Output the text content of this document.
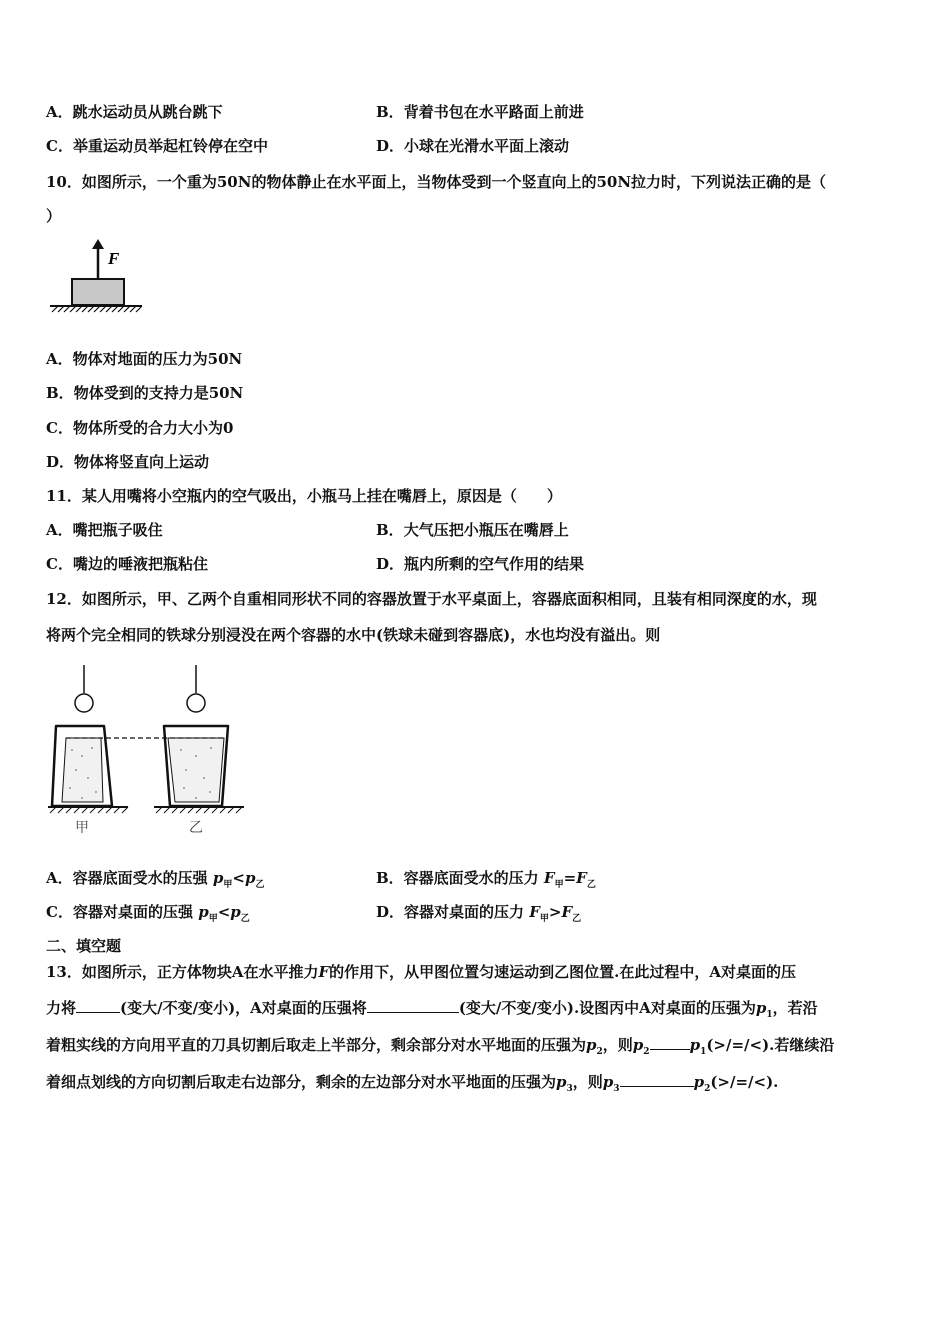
A．跳水运动员从跳台跳下	B．背着书包在水平路面上前进
C．举重运动员举起杠铃停在空中	D．小球在光滑水平面上滚动
10．如图所示，一个重为50N的物体静止在水平面上，当物体受到一个竖直向上的50N拉力时，下列说法正确的是（
）
F
A．物体对地面的压力为50N
B．物体受到的支持力是50N
C．物体所受的合力大小为0
D．物体将竖直向上运动
11．某人用嘴将小空瓶内的空气吸出，小瓶马上挂在嘴唇上，原因是（　　）
A．嘴把瓶子吸住	B．大气压把小瓶压在嘴唇上
C．嘴边的唾液把瓶粘住	D．瓶内所剩的空气作用的结果
12．如图所示，甲、乙两个自重相同形状不同的容器放置于水平桌面上，容器底面积相同，且装有相同深度的水，现
将两个完全相同的铁球分别浸没在两个容器的水中(铁球未碰到容器底)，水也均没有溢出。则
甲	乙
A．容器底面受水的压强 $p_甲<p_乙$	B．容器底面受水的压力 $F_甲=F_乙$
C．容器对桌面的压强 $p_甲<p_乙$	D．容器对桌面的压力 $F_甲>F_乙$
二、填空题
13．如图所示，正方体物块A在水平推力F的作用下，从甲图位置匀速运动到乙图位置.在此过程中，A对桌面的压
力将	(变大/不变/变小)，A对桌面的压强将	(变大/不变/变小).设图丙中A对桌面的压强为$p_1$，若沿
着粗实线的方向用平直的刀具切割后取走上半部分，剩余部分对水平地面的压强为$p_2$，则$p_2$	$p_1(>/=/<)$.若继续沿
着细点划线的方向切割后取走右边部分，剩余的左边部分对水平地面的压强为$p_3$，则$p_3$	$p_2(>/=/<)$.
